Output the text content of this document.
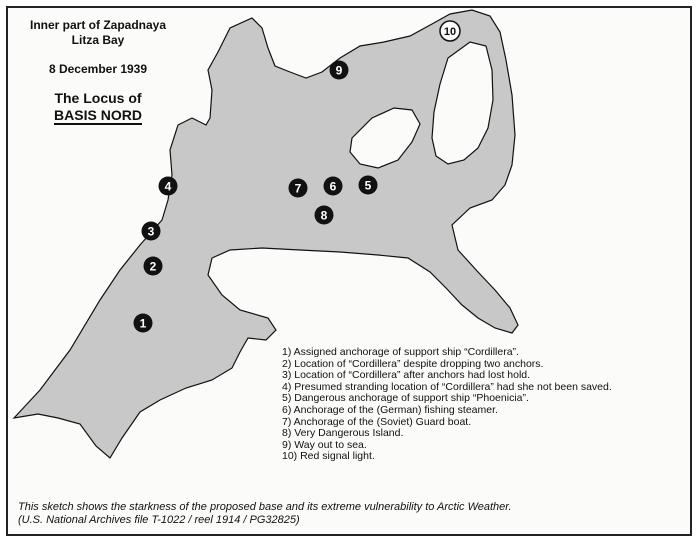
1
2
3
4	5
6
7
8
9
10
Inner part of Zapadnaya
Litza Bay
8 December 1939
The Locus of
BASIS NORD
1) Assigned anchorage of support ship “Cordillera”.
2) Location of “Cordillera” despite dropping two anchors.
3) Location of “Cordillera” after anchors had lost hold.
4) Presumed stranding location of “Cordillera” had she not been saved.
5) Dangerous anchorage of support ship “Phoenicia”.
6) Anchorage of the (German) fishing steamer.
7) Anchorage of the (Soviet) Guard boat.
8) Very Dangerous Island.
9) Way out to sea.
10) Red signal light.
This sketch shows the starkness of the proposed base and its extreme vulnerability to Arctic Weather.
(U.S. National Archives file T-1022 / reel 1914 / PG32825)
